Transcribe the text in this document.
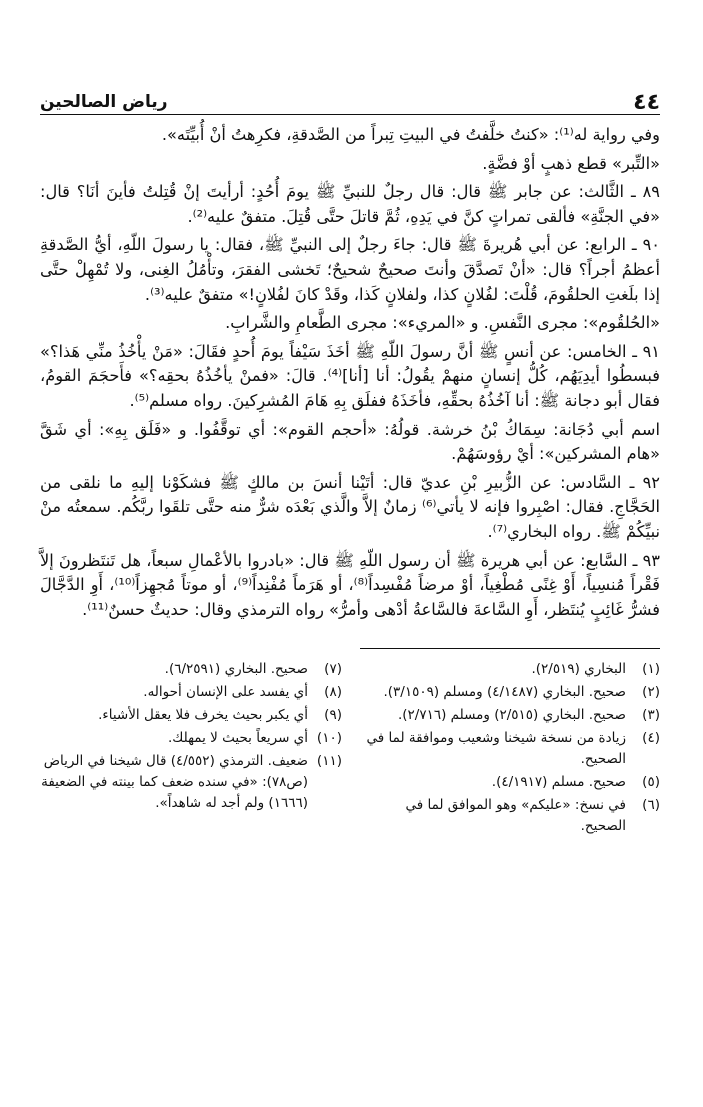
٤٤
رياض الصالحين

وفي رواية له⁽¹⁾: «كنتُ خلَّفتُ في البيتِ تِبراً من الصَّدقةِ، فكرِهتُ أنْ أُبيِّتَه».

«التِّبر» قطع ذهبٍ أوْ فضَّةٍ.

٨٩ ـ الثَّالث: عن جابر ﷺ قال: قال رجلٌ للنبيِّ ﷺ يومَ أُحُدٍ: أرأيتَ إنْ قُتِلتُ فأينَ أنَا؟ قال: «في الجنَّةِ» فألقى تمراتٍ كنَّ في يَدِهِ، ثُمَّ قاتلَ حتَّى قُتِلَ. متفقٌ عليه⁽²⁾.

٩٠ ـ الرابع: عن أبي هُريرةَ ﷺ قال: جاءَ رجلٌ إلى النبيِّ ﷺ، فقال: يا رسولَ اللّهِ، أيُّ الصَّدقةِ أعظمُ أجراً؟ قال: «أنْ تَصدَّقَ وأنتَ صحيحٌ شحيحٌ؛ تَخشى الفقرَ، وتأْمُلُ الغِنى، ولا تُمْهِلْ حتَّى إذا بلَغتِ الحلقُومَ، قُلْتَ: لفُلانٍ كذا، ولفلانٍ كَذا، وقَدْ كانَ لفُلانٍ!» متفقٌ عليه⁽³⁾.

«الحُلقُوم»: مجرى النَّفسِ. و «المريء»: مجرى الطَّعامِ والشَّرابِ.

٩١ ـ الخامس: عن أنسٍ ﷺ أنَّ رسولَ اللّهِ ﷺ أخَذَ سَيْفاً يومَ أُحدٍ فقَالَ: «مَنْ يأْخُذُ منِّي هَذا؟» فبسطُوا أيدِيَهُم، كُلُّ إنسانٍ منهمْ يقُولُ: أنا [أنا]⁽⁴⁾. قالَ: «فمنْ يأخُذُهُ بحقِه؟» فأَحجَمَ القومُ، فقال أبو دجانة ﷺ: أنا آخُذُهُ بحقِّهِ، فأخَذَهُ ففلَق بِهِ هَامَ المُشرِكينَ. رواه مسلم⁽⁵⁾.

اسم أبي دُجَانة: سِمَاكُ بْنُ خرشة. قولُهُ: «أحجم القوم»: أي توقَّفُوا. و «فَلَق بِهِ»: أي شَقَّ «هام المشركين»: أيْ رؤوسَهُمْ.

٩٢ ـ السَّادس: عن الزُّبيرِ بْنِ عديّ قال: أتَيْنا أنسَ بن مالكٍ ﷺ فشكَوْنا إليهِ ما نلقى من الحَجَّاجِ. فقال: اصْبِروا فإنه لا يأتي⁽⁶⁾ زمانٌ إلاَّ والَّذي بَعْدَه شرٌّ منه حتَّى تلقَوا ربَّكُم. سمعتُه منْ نبيِّكُمْ ﷺ. رواه البخاري⁽⁷⁾.

٩٣ ـ السَّابع: عن أبي هريرة ﷺ أن رسول اللّهِ ﷺ قال: «بادروا بالأعْمالِ سبعاً، هل تَنتَظرونَ إلاَّ فَقْراً مُنسِياً، أَوْ غِنًى مُطْغِياً، أوْ مرضاً مُفْسِداً⁽⁸⁾، أو هَرَماً مُفْنِداً⁽⁹⁾، أو موتاً مُجهِزاً⁽¹⁰⁾، أَوِ الدَّجَّالَ فشرُّ غَائِبٍ يُنتَظر، أَوِ السَّاعةَ فالسَّاعةُ أدْهى وأمرُّ» رواه الترمذي وقال: حديثٌ حسنٌ⁽¹¹⁾.

(١)
البخاري (٢/٥١٩).
(٢)
صحيح. البخاري (٤/١٤٨٧) ومسلم (٣/١٥٠٩).
(٣)
صحيح. البخاري (٢/٥١٥) ومسلم (٢/٧١٦).
(٤)
زيادة من نسخة شيخنا وشعيب وموافقة لما في الصحيح.
(٥)
صحيح. مسلم (٤/١٩١٧).
(٦)
في نسخ: «عليكم» وهو الموافق لما في الصحيح.
(٧)
صحيح. البخاري (٦/٢٥٩١).
(٨)
أي يفسد على الإنسان أحواله.
(٩)
أي يكبر بحيث يخرف فلا يعقل الأشياء.
(١٠)
أي سريعاً بحيث لا يمهلك.
(١١)
ضعيف. الترمذي (٤/٥٥٢) قال شيخنا في الرياض (ص٧٨): «في سنده ضعف كما بينته في الضعيفة (١٦٦٦) ولم أجد له شاهداً».
